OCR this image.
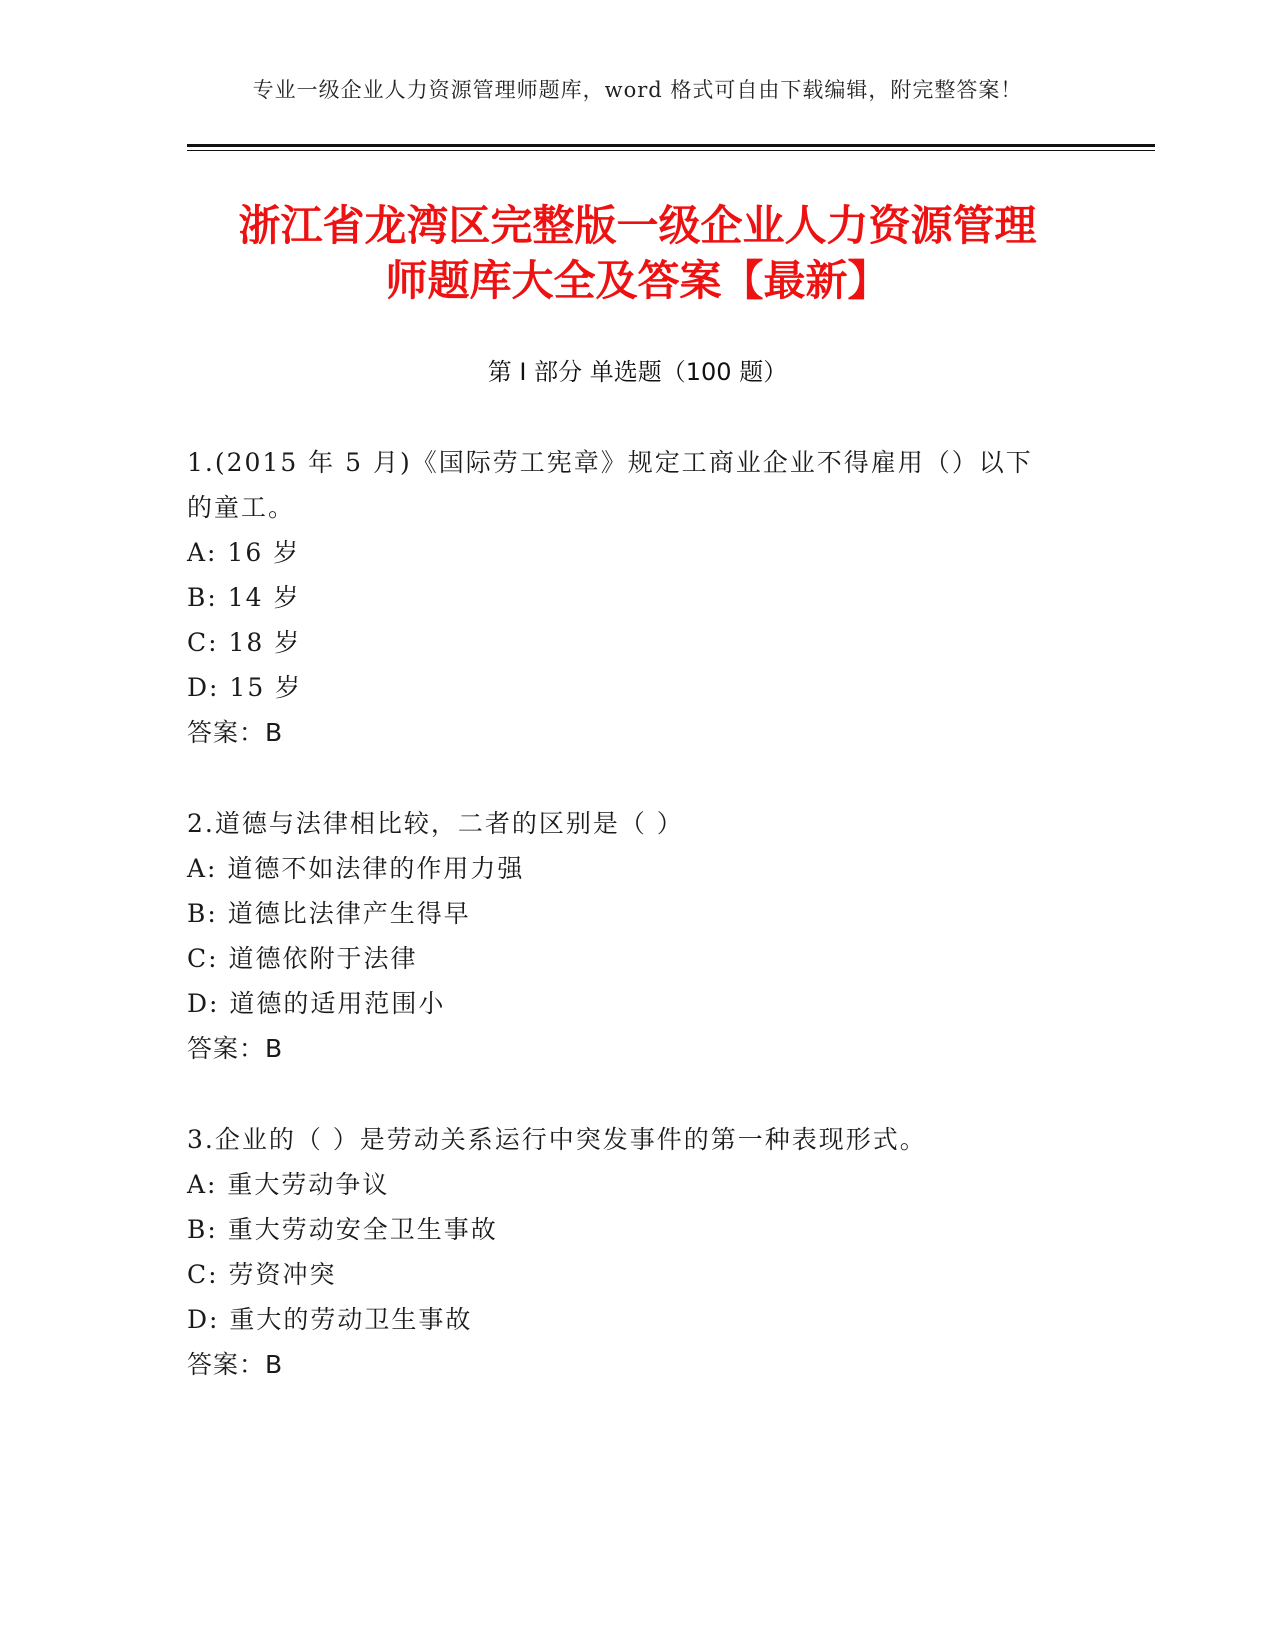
专业一级企业人力资源管理师题库，word 格式可自由下载编辑，附完整答案！
浙江省龙湾区完整版一级企业人力资源管理
师题库大全及答案【最新】
第 I 部分 单选题（100 题）

1.(2015 年 5 月)《国际劳工宪章》规定工商业企业不得雇用（）以下

的童工。

A: 16 岁

B: 14 岁

C: 18 岁

D: 15 岁

答案：B

2.道德与法律相比较，二者的区别是（ ）

A: 道德不如法律的作用力强

B: 道德比法律产生得早

C: 道德依附于法律

D: 道德的适用范围小

答案：B

3.企业的（ ）是劳动关系运行中突发事件的第一种表现形式。

A: 重大劳动争议

B: 重大劳动安全卫生事故

C: 劳资冲突

D: 重大的劳动卫生事故

答案：B
